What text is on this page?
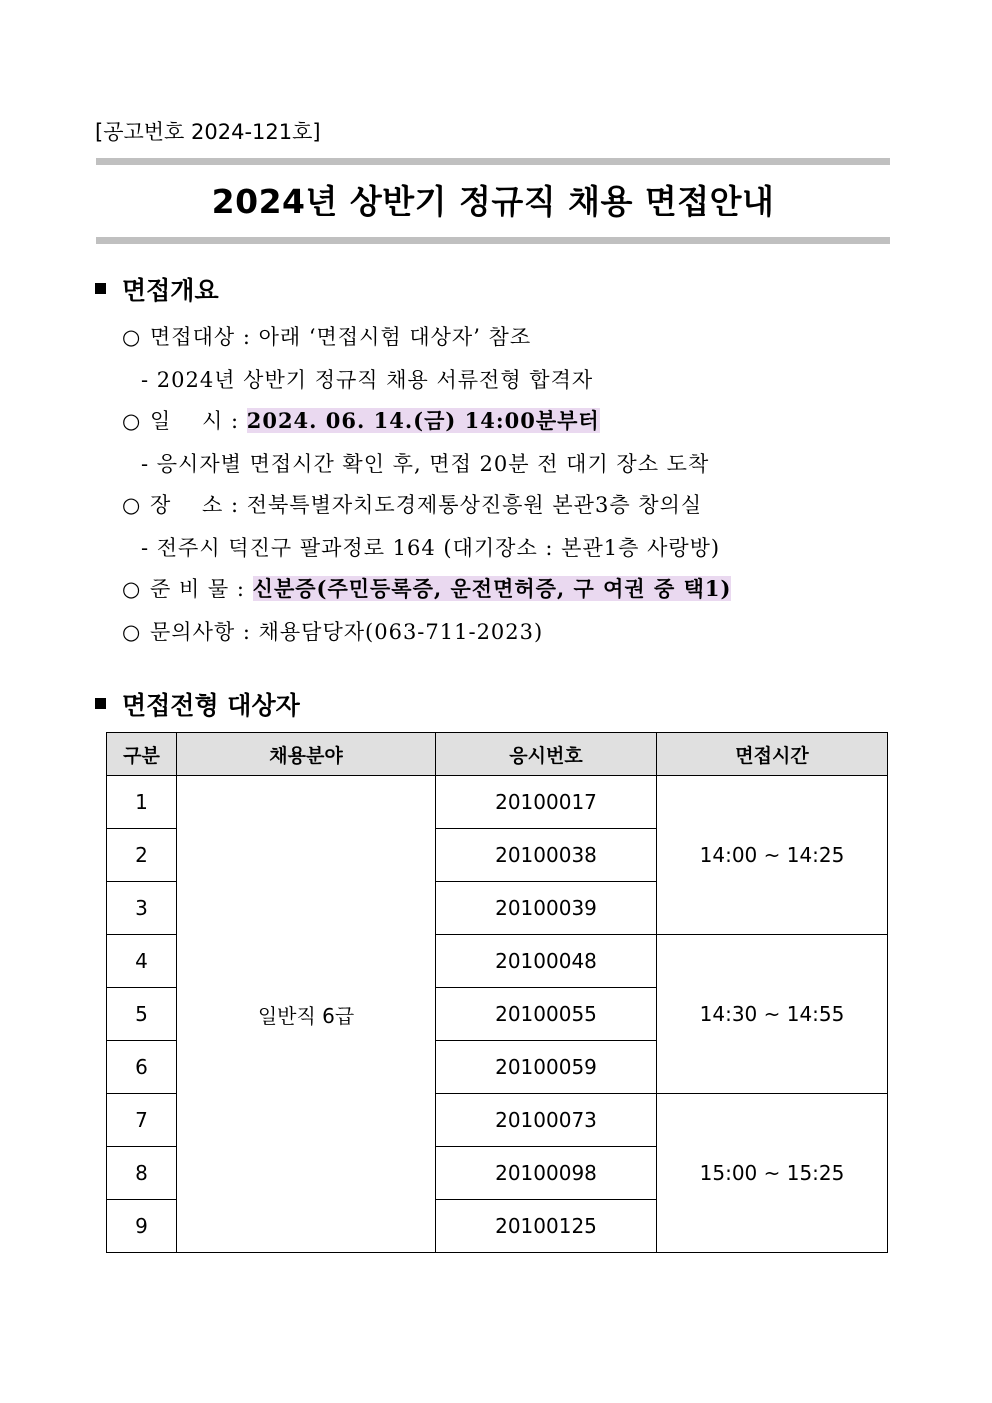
[공고번호 2024-121호]
2024년 상반기 정규직 채용 면접안내
면접개요
○ 면접대상 : 아래 ‘면접시험 대상자’ 참조
- 2024년 상반기 정규직 채용 서류전형 합격자
○ 일    시 : 2024. 06. 14.(금) 14:00분부터
- 응시자별 면접시간 확인 후, 면접 20분 전 대기 장소 도착
○ 장    소 : 전북특별자치도경제통상진흥원 본관3층 창의실
- 전주시 덕진구 팔과정로 164 (대기장소 : 본관1층 사랑방)
○ 준 비 물 : 신분증(주민등록증, 운전면허증, 구 여권 중 택1)
○ 문의사항 : 채용담당자(063-711-2023)
면접전형 대상자
구분	채용분야	응시번호	면접시간
1	일반직 6급	20100017	14:00 ~ 14:25
2		20100038	
3		20100039	
4		20100048	14:30 ~ 14:55
5		20100055	
6		20100059	
7		20100073	15:00 ~ 15:25
8		20100098	
9		20100125	
